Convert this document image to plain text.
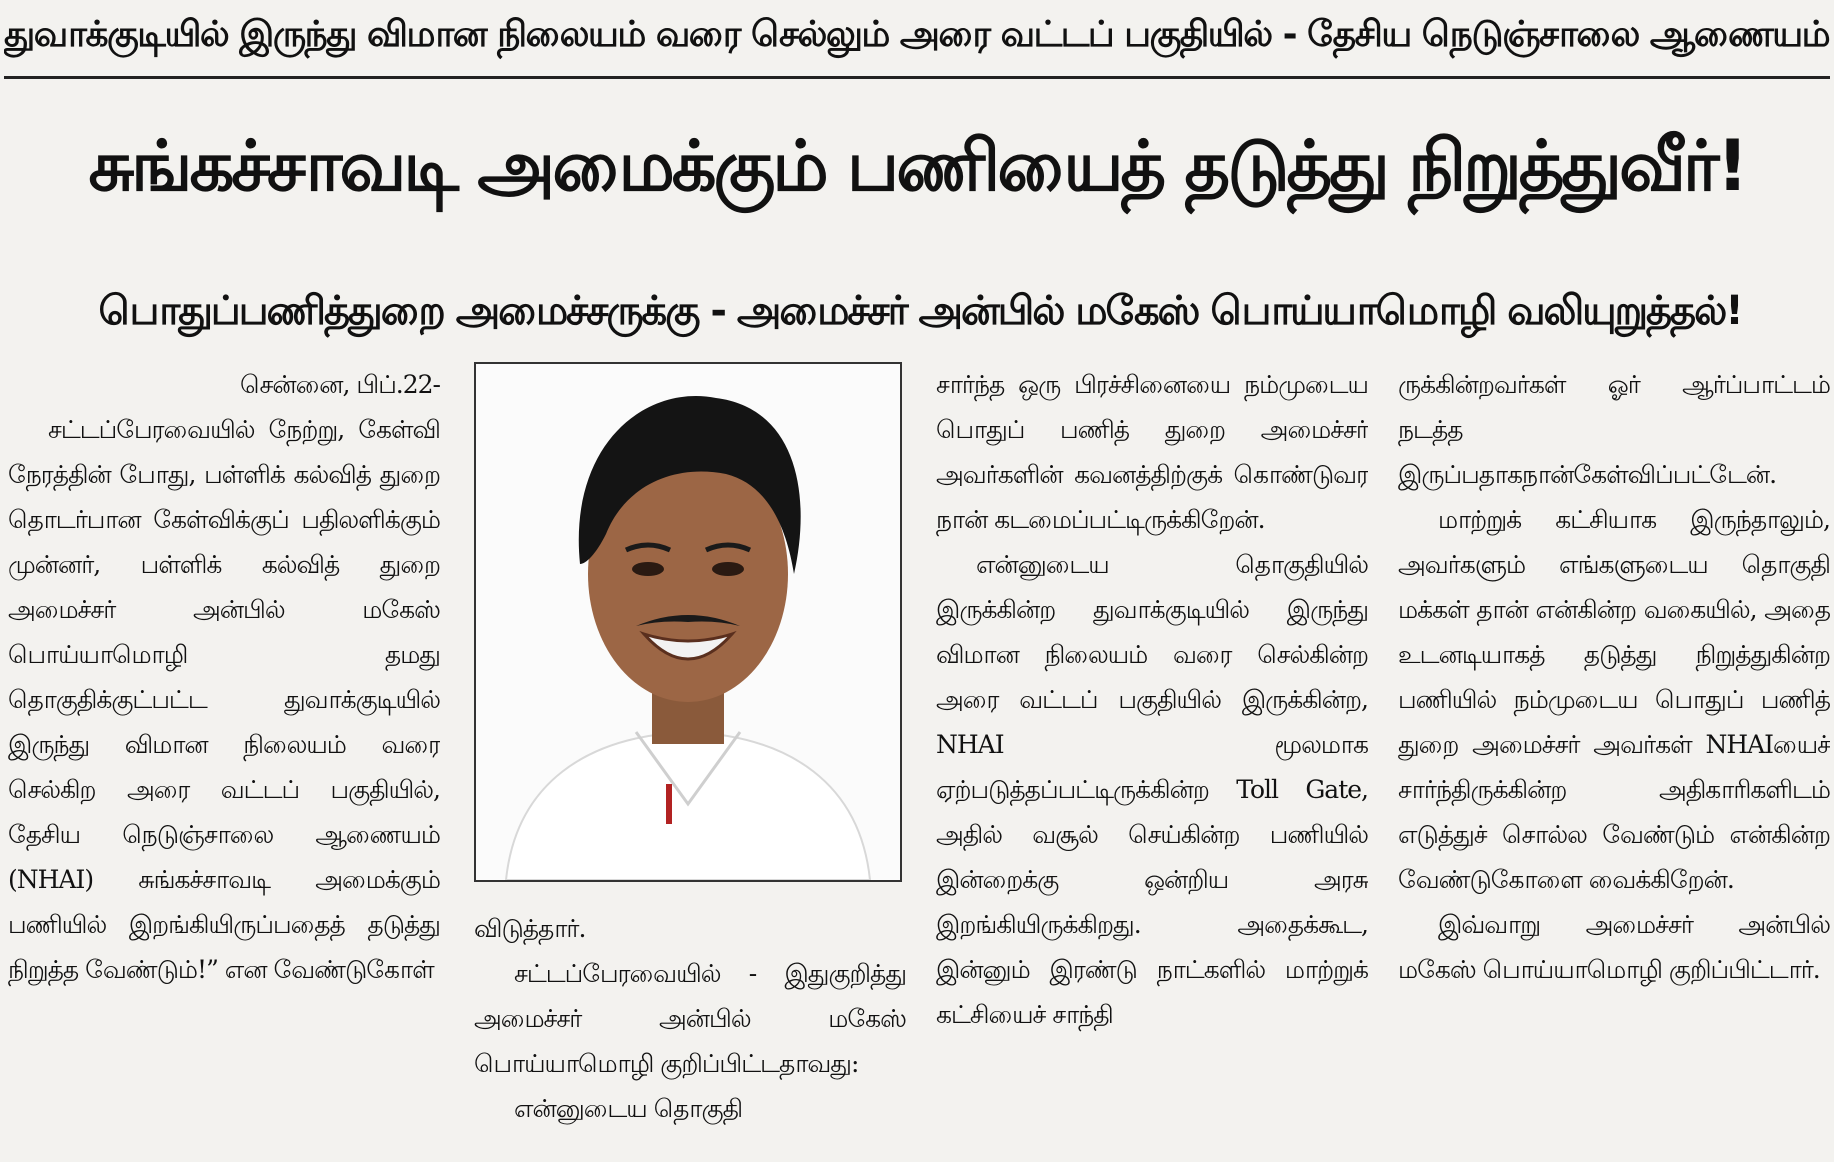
துவாக்குடியில் இருந்து விமான நிலையம் வரை செல்லும் அரை வட்டப் பகுதியில் - தேசிய நெடுஞ்சாலை ஆணையம்
சுங்கச்சாவடி அமைக்கும் பணியைத் தடுத்து நிறுத்துவீர்!
பொதுப்பணித்துறை அமைச்சருக்கு - அமைச்சர் அன்பில் மகேஸ் பொய்யாமொழி வலியுறுத்தல்!

சென்னை, பிப்.22-

சட்டப்பேரவையில் நேற்று, கேள்வி நேரத்தின் போது, பள்ளிக் கல்வித் துறை தொடர்பான கேள்விக்குப் பதிலளிக்கும் முன்னர், பள்ளிக் கல்வித் துறை அமைச்சர் அன்பில் மகேஸ் பொய்யாமொழி தமது தொகுதிக்குட்பட்ட துவாக்குடியில் இருந்து விமான நிலையம் வரை செல்கிற அரை வட்டப் பகுதியில், தேசிய நெடுஞ்சாலை ஆணையம் (NHAI) சுங்கச்சாவடி அமைக்கும் பணியில் இறங்கியிருப்பதைத் தடுத்து நிறுத்த வேண்டும்!” என வேண்டுகோள்

விடுத்தார்.

சட்டப்பேரவையில் - இதுகுறித்து அமைச்சர் அன்பில் மகேஸ் பொய்யாமொழி குறிப்பிட்டதாவது:

என்னுடைய தொகுதி

சார்ந்த ஒரு பிரச்சினையை நம்முடைய பொதுப் பணித் துறை அமைச்சர் அவர்களின் கவனத்திற்குக் கொண்டுவர நான் கடமைப்பட்டிருக்கிறேன்.

என்னுடைய தொகுதியில் இருக்கின்ற துவாக்குடியில் இருந்து விமான நிலையம் வரை செல்கின்ற அரை வட்டப் பகுதியில் இருக்கின்ற, NHAI மூலமாக ஏற்படுத்தப்பட்டிருக்கின்ற Toll Gate, அதில் வசூல் செய்கின்ற பணியில் இன்றைக்கு ஒன்றிய அரசு இறங்கியிருக்கிறது. அதைக்கூட, இன்னும் இரண்டு நாட்களில் மாற்றுக் கட்சியைச் சாந்தி

ருக்கின்றவர்கள் ஓர் ஆர்ப்பாட்டம் நடத்த இருப்பதாகநான்கேள்விப்பட்டேன்.

மாற்றுக் கட்சியாக இருந்தாலும், அவர்களும் எங்களுடைய தொகுதி மக்கள் தான் என்கின்ற வகையில், அதை உடனடியாகத் தடுத்து நிறுத்துகின்ற பணியில் நம்முடைய பொதுப் பணித் துறை அமைச்சர் அவர்கள் NHAIயைச் சார்ந்திருக்கின்ற அதிகாரிகளிடம் எடுத்துச் சொல்ல வேண்டும் என்கின்ற வேண்டுகோளை வைக்கிறேன்.

இவ்வாறு அமைச்சர் அன்பில் மகேஸ் பொய்யாமொழி குறிப்பிட்டார்.
